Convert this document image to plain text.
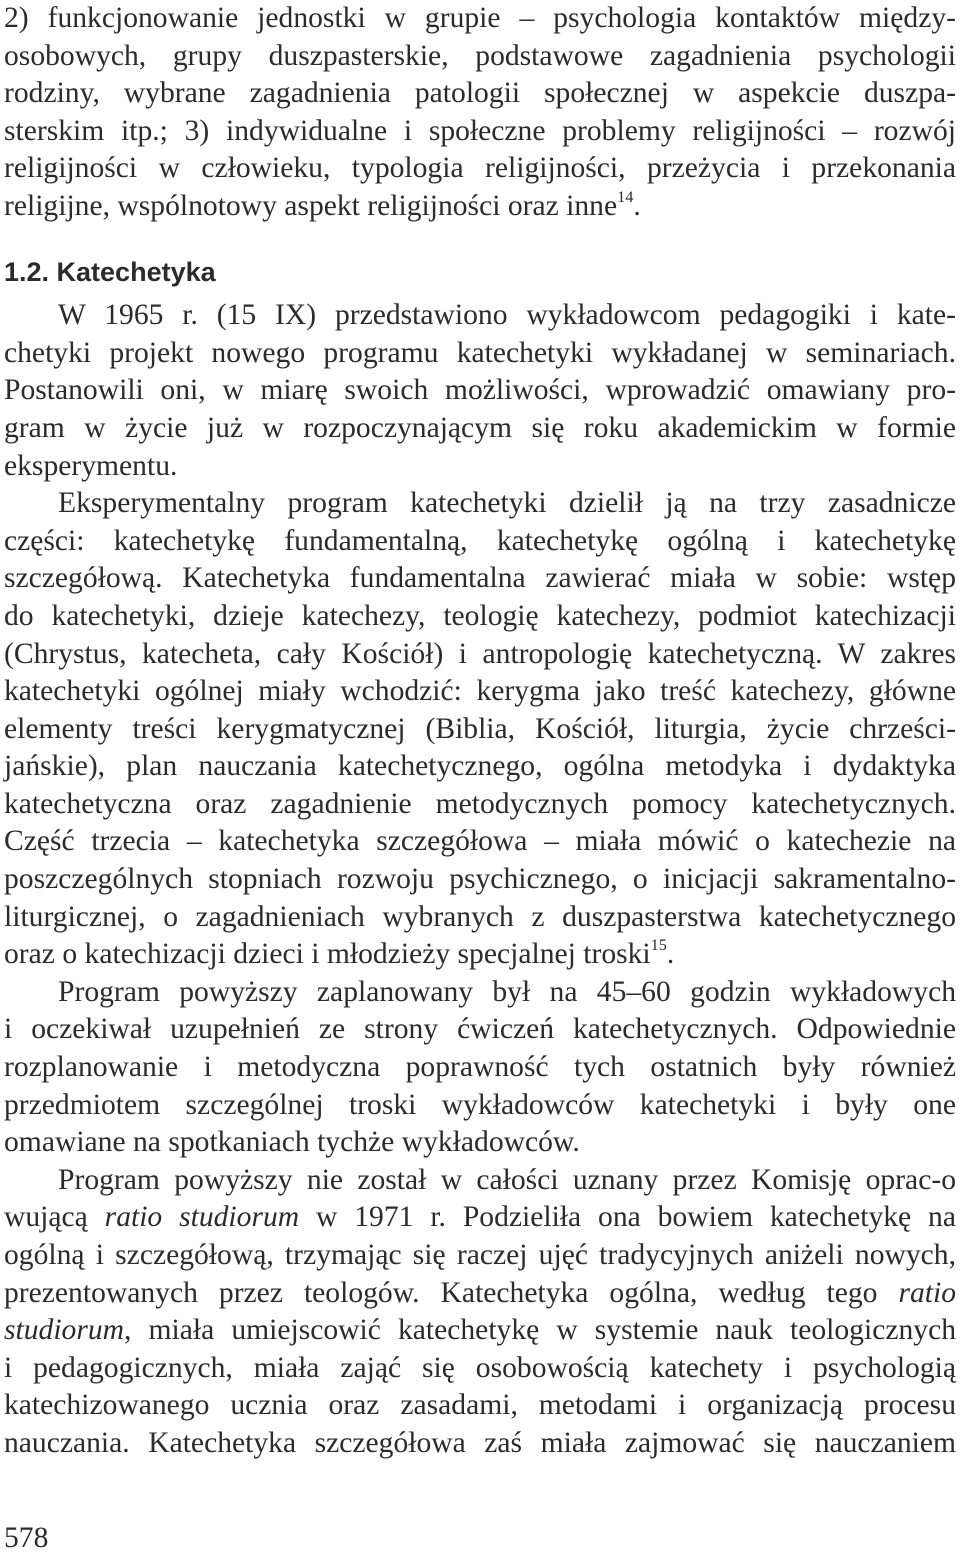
2) funkcjonowanie jednostki w grupie – psychologia kontaktów między-
osobowych, grupy duszpasterskie, podstawowe zagadnienia psychologii
rodziny, wybrane zagadnienia patologii społecznej w aspekcie duszpa-
sterskim itp.; 3) indywidualne i społeczne problemy religijności – rozwój
religijności w człowieku, typologia religijności, przeżycia i przekonania
religijne, wspólnotowy aspekt religijności oraz inne$^{14}$.
1.2. Katechetyka
W 1965 r. (15 IX) przedstawiono wykładowcom pedagogiki i kate-
chetyki projekt nowego programu katechetyki wykładanej w seminariach.
Postanowili oni, w miarę swoich możliwości, wprowadzić omawiany pro-
gram w życie już w rozpoczynającym się roku akademickim w formie
eksperymentu.
Eksperymentalny program katechetyki dzielił ją na trzy zasadnicze
części: katechetykę fundamentalną, katechetykę ogólną i katechetykę
szczegółową. Katechetyka fundamentalna zawierać miała w sobie: wstęp
do katechetyki, dzieje katechezy, teologię katechezy, podmiot katechizacji
(Chrystus, katecheta, cały Kościół) i antropologię katechetyczną. W zakres
katechetyki ogólnej miały wchodzić: kerygma jako treść katechezy, główne
elementy treści kerygmatycznej (Biblia, Kościół, liturgia, życie chrześci-
jańskie), plan nauczania katechetycznego, ogólna metodyka i dydaktyka
katechetyczna oraz zagadnienie metodycznych pomocy katechetycznych.
Część trzecia – katechetyka szczegółowa – miała mówić o katechezie na
poszczególnych stopniach rozwoju psychicznego, o inicjacji sakramentalno-
liturgicznej, o zagadnieniach wybranych z duszpasterstwa katechetycznego
oraz o katechizacji dzieci i młodzieży specjalnej troski$^{15}$.
Program powyższy zaplanowany był na 45–60 godzin wykładowych
i oczekiwał uzupełnień ze strony ćwiczeń katechetycznych. Odpowiednie
rozplanowanie i metodyczna poprawność tych ostatnich były również
przedmiotem szczególnej troski wykładowców katechetyki i były one
omawiane na spotkaniach tychże wykładowców.
Program powyższy nie został w całości uznany przez Komisję oprac-o
wującą ratio studiorum w 1971 r. Podzieliła ona bowiem katechetykę na
ogólną i szczegółową, trzymając się raczej ujęć tradycyjnych aniżeli nowych,
prezentowanych przez teologów. Katechetyka ogólna, według tego ratio
studiorum, miała umiejscowić katechetykę w systemie nauk teologicznych
i pedagogicznych, miała zająć się osobowością katechety i psychologią
katechizowanego ucznia oraz zasadami, metodami i organizacją procesu
nauczania. Katechetyka szczegółowa zaś miała zajmować się nauczaniem
578
